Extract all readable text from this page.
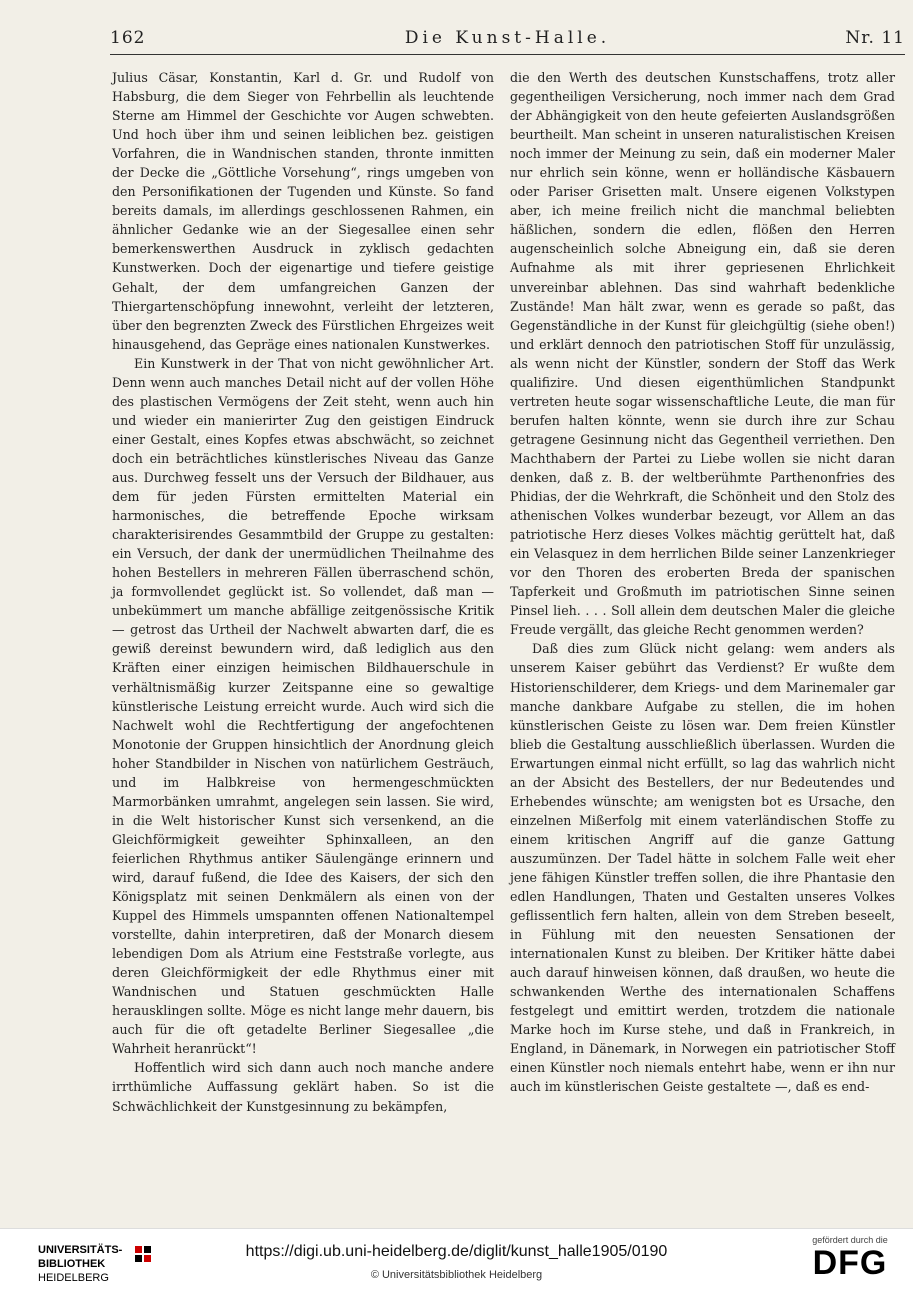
162	Die Kunst-Halle.	Nr. 11

Julius Cäsar, Konstantin, Karl d. Gr. und Rudolf von Habsburg, die dem Sieger von Fehrbellin als leuchtende Sterne am Himmel der Geschichte vor Augen schwebten. Und hoch über ihm und seinen leiblichen bez. geistigen Vorfahren, die in Wandnischen standen, thronte inmitten der Decke die „Göttliche Vorsehung“, rings umgeben von den Personifikationen der Tugenden und Künste. So fand bereits damals, im allerdings geschlossenen Rahmen, ein ähnlicher Gedanke wie an der Siegesallee einen sehr bemerkenswerthen Ausdruck in zyklisch gedachten Kunstwerken. Doch der eigenartige und tiefere geistige Gehalt, der dem umfangreichen Ganzen der Thiergartenschöpfung innewohnt, verleiht der letzteren, über den begrenzten Zweck des Fürstlichen Ehrgeizes weit hinausgehend, das Gepräge eines nationalen Kunstwerkes.

Ein Kunstwerk in der That von nicht gewöhnlicher Art. Denn wenn auch manches Detail nicht auf der vollen Höhe des plastischen Vermögens der Zeit steht, wenn auch hin und wieder ein manierirter Zug den geistigen Eindruck einer Gestalt, eines Kopfes etwas abschwächt, so zeichnet doch ein beträchtliches künstlerisches Niveau das Ganze aus. Durchweg fesselt uns der Versuch der Bildhauer, aus dem für jeden Fürsten ermittelten Material ein harmonisches, die betreffende Epoche wirksam charakterisirendes Gesammtbild der Gruppe zu gestalten: ein Versuch, der dank der unermüdlichen Theilnahme des hohen Bestellers in mehreren Fällen überraschend schön, ja formvollendet geglückt ist. So vollendet, daß man — unbekümmert um manche abfällige zeitgenössische Kritik — getrost das Urtheil der Nachwelt abwarten darf, die es gewiß dereinst bewundern wird, daß lediglich aus den Kräften einer einzigen heimischen Bildhauerschule in verhältnismäßig kurzer Zeitspanne eine so gewaltige künstlerische Leistung erreicht wurde. Auch wird sich die Nachwelt wohl die Rechtfertigung der angefochtenen Monotonie der Gruppen hinsichtlich der Anordnung gleich hoher Standbilder in Nischen von natürlichem Gesträuch, und im Halbkreise von hermengeschmückten Marmorbänken umrahmt, angelegen sein lassen. Sie wird, in die Welt historischer Kunst sich versenkend, an die Gleichförmigkeit geweihter Sphinxalleen, an den feierlichen Rhythmus antiker Säulengänge erinnern und wird, darauf fußend, die Idee des Kaisers, der sich den Königsplatz mit seinen Denkmälern als einen von der Kuppel des Himmels umspannten offenen Nationaltempel vorstellte, dahin interpretiren, daß der Monarch diesem lebendigen Dom als Atrium eine Feststraße vorlegte, aus deren Gleichförmigkeit der edle Rhythmus einer mit Wandnischen und Statuen geschmückten Halle herausklingen sollte. Möge es nicht lange mehr dauern, bis auch für die oft getadelte Berliner Siegesallee „die Wahrheit heranrückt“!

Hoffentlich wird sich dann auch noch manche andere irrthümliche Auffassung geklärt haben. So ist die Schwächlichkeit der Kunstgesinnung zu bekämpfen,

die den Werth des deutschen Kunstschaffens, trotz aller gegentheiligen Versicherung, noch immer nach dem Grad der Abhängigkeit von den heute gefeierten Auslandsgrößen beurtheilt. Man scheint in unseren naturalistischen Kreisen noch immer der Meinung zu sein, daß ein moderner Maler nur ehrlich sein könne, wenn er holländische Käsbauern oder Pariser Grisetten malt. Unsere eigenen Volkstypen aber, ich meine freilich nicht die manchmal beliebten häßlichen, sondern die edlen, flößen den Herren augenscheinlich solche Abneigung ein, daß sie deren Aufnahme als mit ihrer gepriesenen Ehrlichkeit unvereinbar ablehnen. Das sind wahrhaft bedenkliche Zustände! Man hält zwar, wenn es gerade so paßt, das Gegenständliche in der Kunst für gleichgültig (siehe oben!) und erklärt dennoch den patriotischen Stoff für unzulässig, als wenn nicht der Künstler, sondern der Stoff das Werk qualifizire. Und diesen eigenthümlichen Standpunkt vertreten heute sogar wissenschaftliche Leute, die man für berufen halten könnte, wenn sie durch ihre zur Schau getragene Gesinnung nicht das Gegentheil verriethen. Den Machthabern der Partei zu Liebe wollen sie nicht daran denken, daß z. B. der weltberühmte Parthenonfries des Phidias, der die Wehrkraft, die Schönheit und den Stolz des athenischen Volkes wunderbar bezeugt, vor Allem an das patriotische Herz dieses Volkes mächtig gerüttelt hat, daß ein Velasquez in dem herrlichen Bilde seiner Lanzenkrieger vor den Thoren des eroberten Breda der spanischen Tapferkeit und Großmuth im patriotischen Sinne seinen Pinsel lieh. . . . Soll allein dem deutschen Maler die gleiche Freude vergällt, das gleiche Recht genommen werden?

Daß dies zum Glück nicht gelang: wem anders als unserem Kaiser gebührt das Verdienst? Er wußte dem Historienschilderer, dem Kriegs- und dem Marinemaler gar manche dankbare Aufgabe zu stellen, die im hohen künstlerischen Geiste zu lösen war. Dem freien Künstler blieb die Gestaltung ausschließlich überlassen. Wurden die Erwartungen einmal nicht erfüllt, so lag das wahrlich nicht an der Absicht des Bestellers, der nur Bedeutendes und Erhebendes wünschte; am wenigsten bot es Ursache, den einzelnen Mißerfolg mit einem vaterländischen Stoffe zu einem kritischen Angriff auf die ganze Gattung auszumünzen. Der Tadel hätte in solchem Falle weit eher jene fähigen Künstler treffen sollen, die ihre Phantasie den edlen Handlungen, Thaten und Gestalten unseres Volkes geflissentlich fern halten, allein von dem Streben beseelt, in Fühlung mit den neuesten Sensationen der internationalen Kunst zu bleiben. Der Kritiker hätte dabei auch darauf hinweisen können, daß draußen, wo heute die schwankenden Werthe des internationalen Schaffens festgelegt und emittirt werden, trotzdem die nationale Marke hoch im Kurse stehe, und daß in Frankreich, in England, in Dänemark, in Norwegen ein patriotischer Stoff einen Künstler noch niemals entehrt habe, wenn er ihn nur auch im künstlerischen Geiste gestaltete —, daß es end-

UNIVERSITÄTS-
BIBLIOTHEK
HEIDELBERG
https://digi.ub.uni-heidelberg.de/diglit/kunst_halle1905/0190
© Universitätsbibliothek Heidelberg
gefördert durch die
DFG
